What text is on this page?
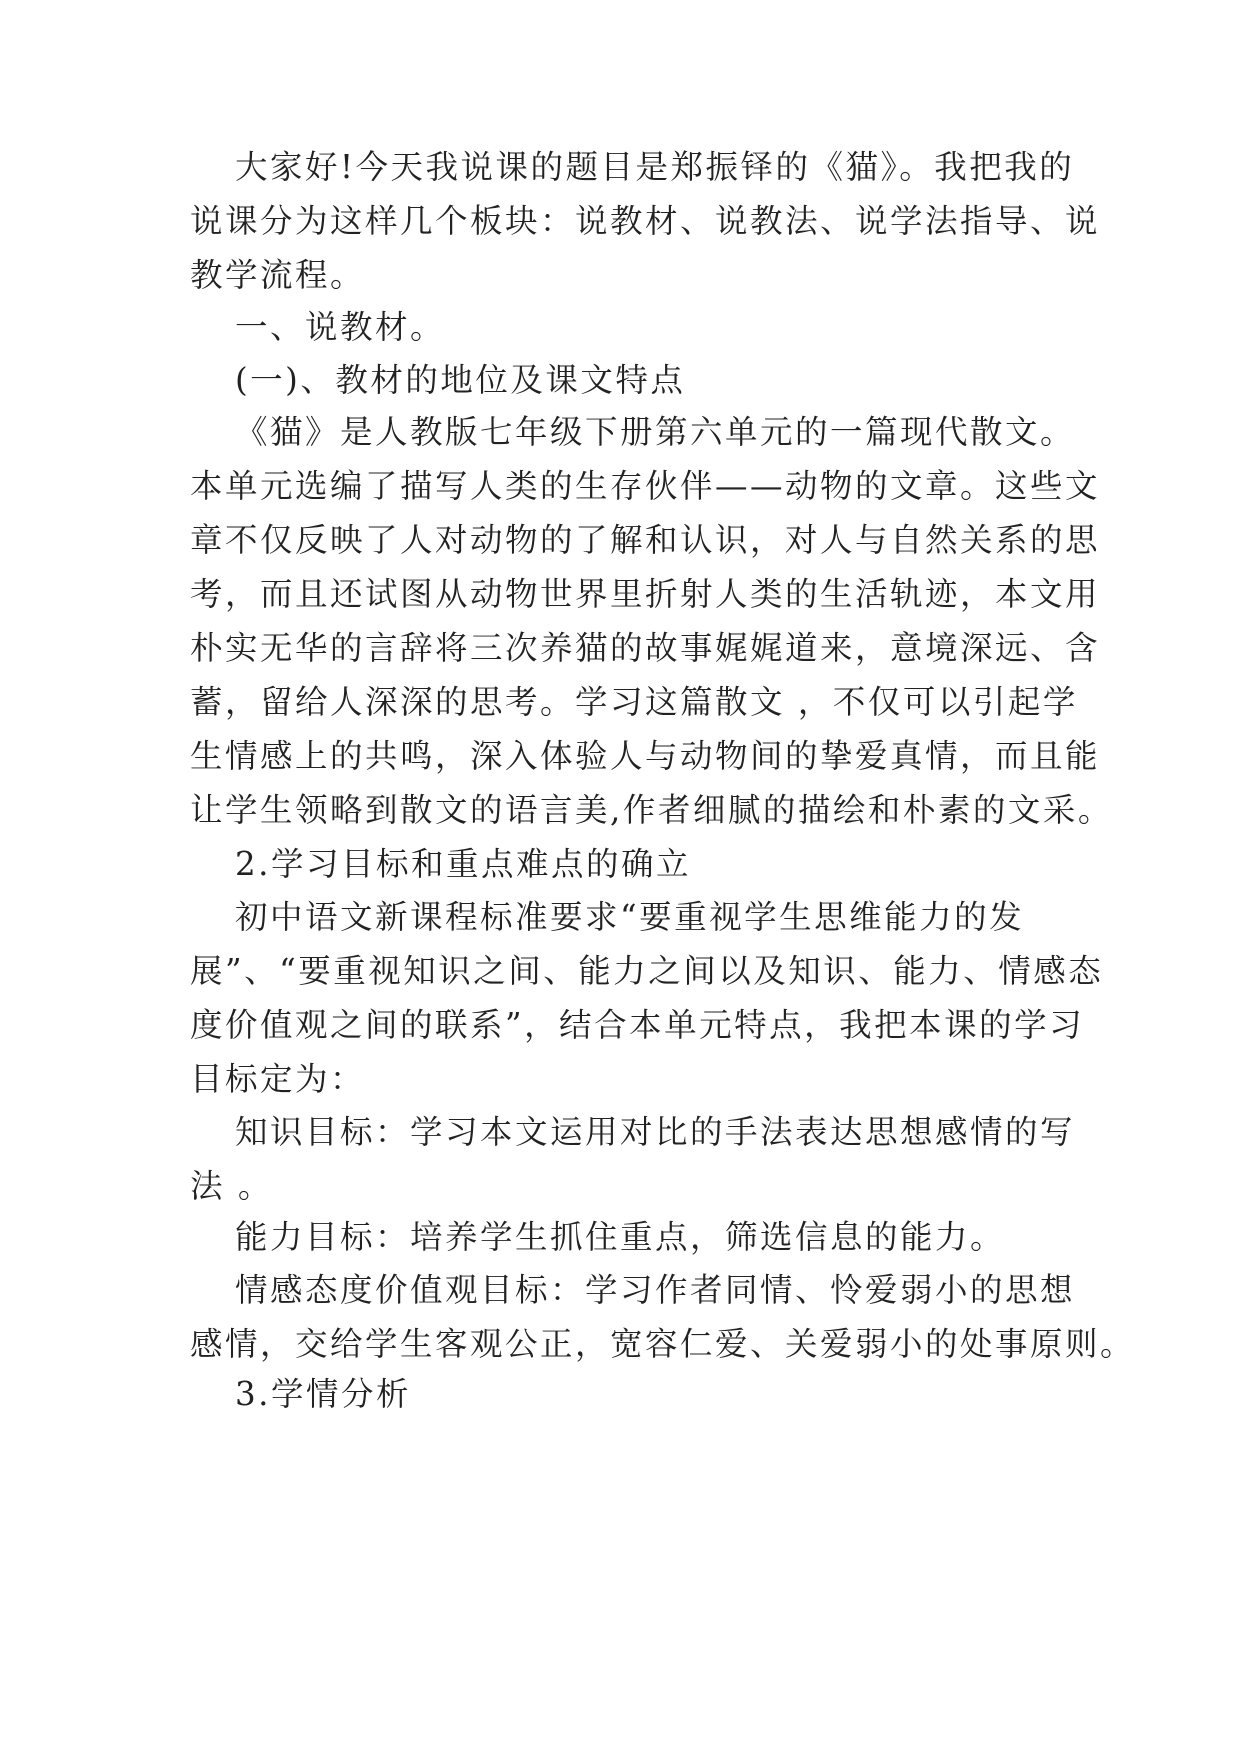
大家好!今天我说课的题目是郑振铎的《猫》。我把我的
说课分为这样几个板块：说教材、说教法、说学法指导、说
教学流程。
一、说教材。
(一)、教材的地位及课文特点
《猫》是人教版七年级下册第六单元的一篇现代散文。
本单元选编了描写人类的生存伙伴——动物的文章。这些文
章不仅反映了人对动物的了解和认识，对人与自然关系的思
考，而且还试图从动物世界里折射人类的生活轨迹，本文用
朴实无华的言辞将三次养猫的故事娓娓道来，意境深远、含
蓄，留给人深深的思考。学习这篇散文 ，不仅可以引起学
生情感上的共鸣，深入体验人与动物间的挚爱真情，而且能
让学生领略到散文的语言美,作者细腻的描绘和朴素的文采。
2.学习目标和重点难点的确立
初中语文新课程标准要求“要重视学生思维能力的发
展”、“要重视知识之间、能力之间以及知识、能力、情感态
度价值观之间的联系”，结合本单元特点，我把本课的学习
目标定为：
知识目标：学习本文运用对比的手法表达思想感情的写
法 。
能力目标：培养学生抓住重点，筛选信息的能力。
情感态度价值观目标：学习作者同情、怜爱弱小的思想
感情，交给学生客观公正，宽容仁爱、关爱弱小的处事原则。
3.学情分析
